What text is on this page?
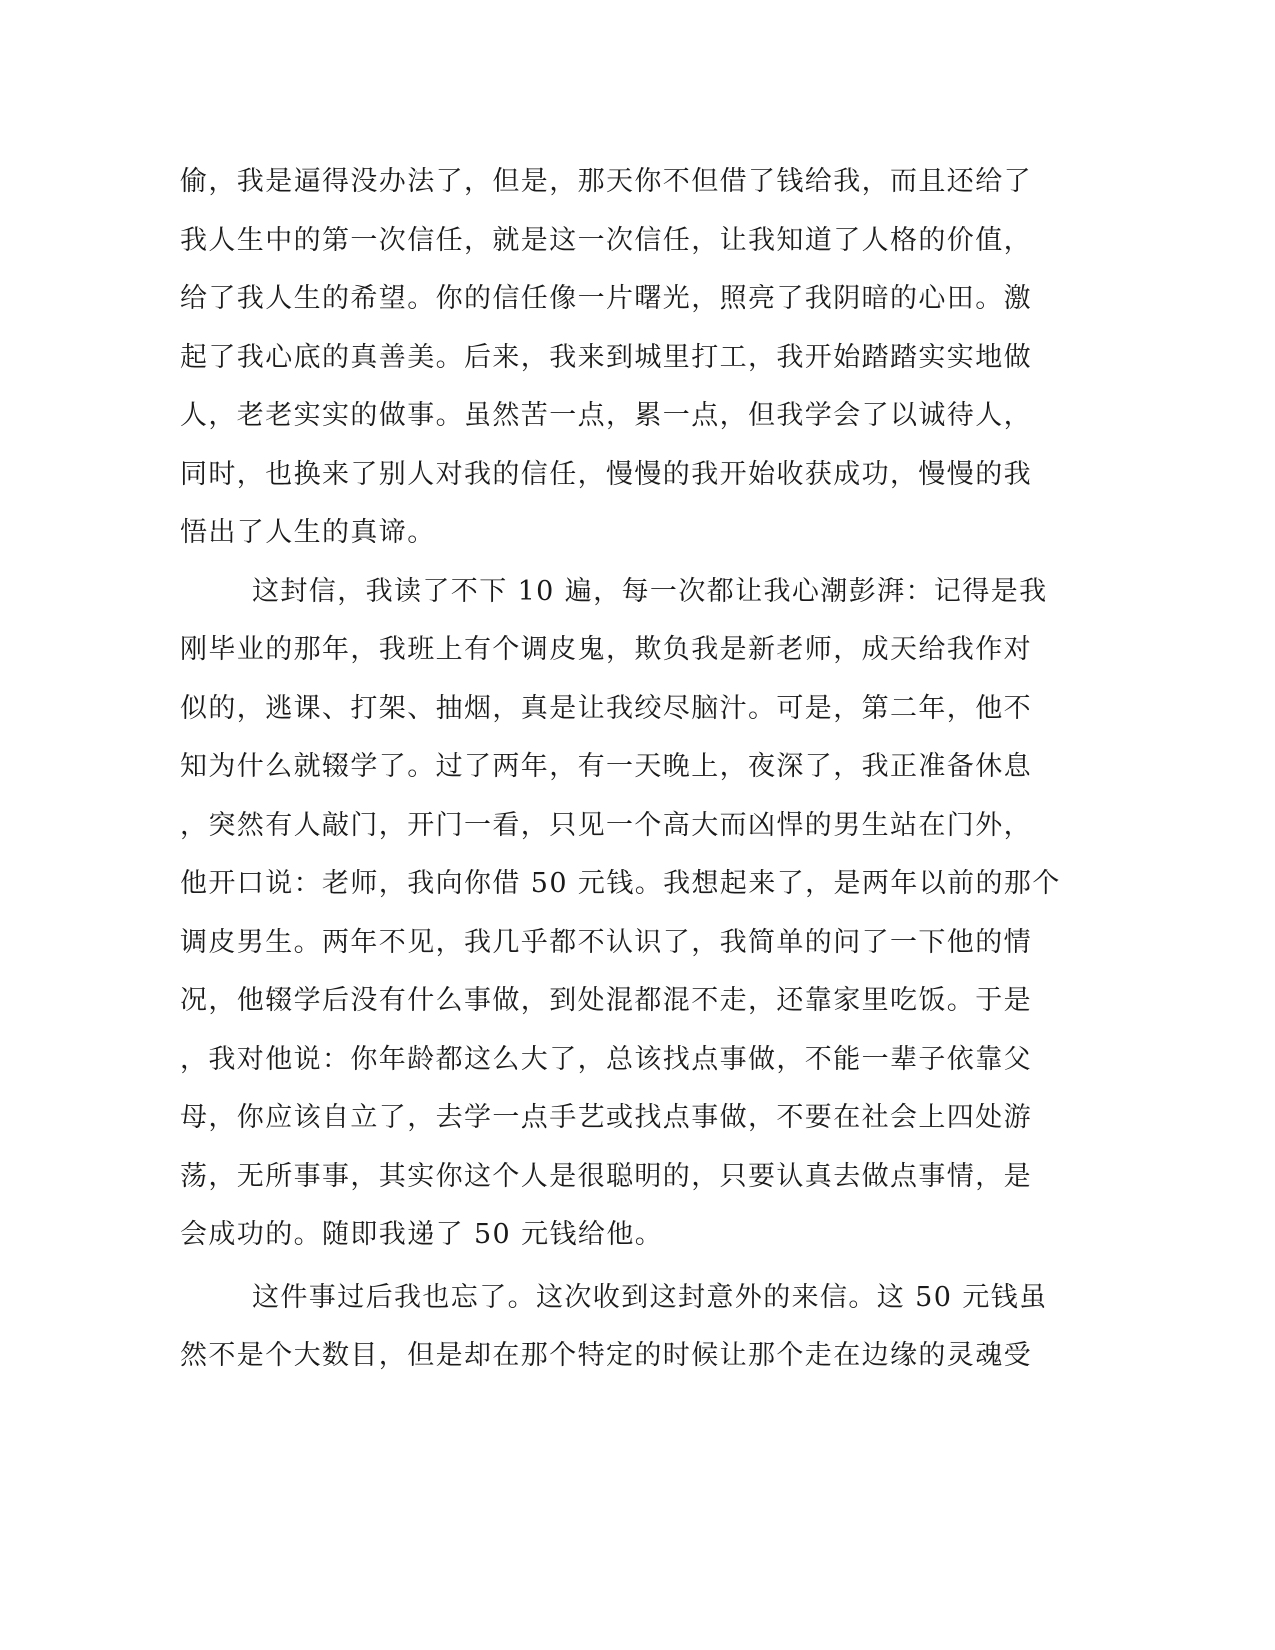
偷，我是逼得没办法了，但是，那天你不但借了钱给我，而且还给了
我人生中的第一次信任，就是这一次信任，让我知道了人格的价值，
给了我人生的希望。你的信任像一片曙光，照亮了我阴暗的心田。激
起了我心底的真善美。后来，我来到城里打工，我开始踏踏实实地做
人，老老实实的做事。虽然苦一点，累一点，但我学会了以诚待人，
同时，也换来了别人对我的信任，慢慢的我开始收获成功，慢慢的我
悟出了人生的真谛。
这封信，我读了不下 10 遍，每一次都让我心潮彭湃：记得是我
刚毕业的那年，我班上有个调皮鬼，欺负我是新老师，成天给我作对
似的，逃课、打架、抽烟，真是让我绞尽脑汁。可是，第二年，他不
知为什么就辍学了。过了两年，有一天晚上，夜深了，我正准备休息
，突然有人敲门，开门一看，只见一个高大而凶悍的男生站在门外，
他开口说：老师，我向你借 50 元钱。我想起来了，是两年以前的那个
调皮男生。两年不见，我几乎都不认识了，我简单的问了一下他的情
况，他辍学后没有什么事做，到处混都混不走，还靠家里吃饭。于是
，我对他说：你年龄都这么大了，总该找点事做，不能一辈子依靠父
母，你应该自立了，去学一点手艺或找点事做，不要在社会上四处游
荡，无所事事，其实你这个人是很聪明的，只要认真去做点事情，是
会成功的。随即我递了 50 元钱给他。
这件事过后我也忘了。这次收到这封意外的来信。这 50 元钱虽
然不是个大数目，但是却在那个特定的时候让那个走在边缘的灵魂受
